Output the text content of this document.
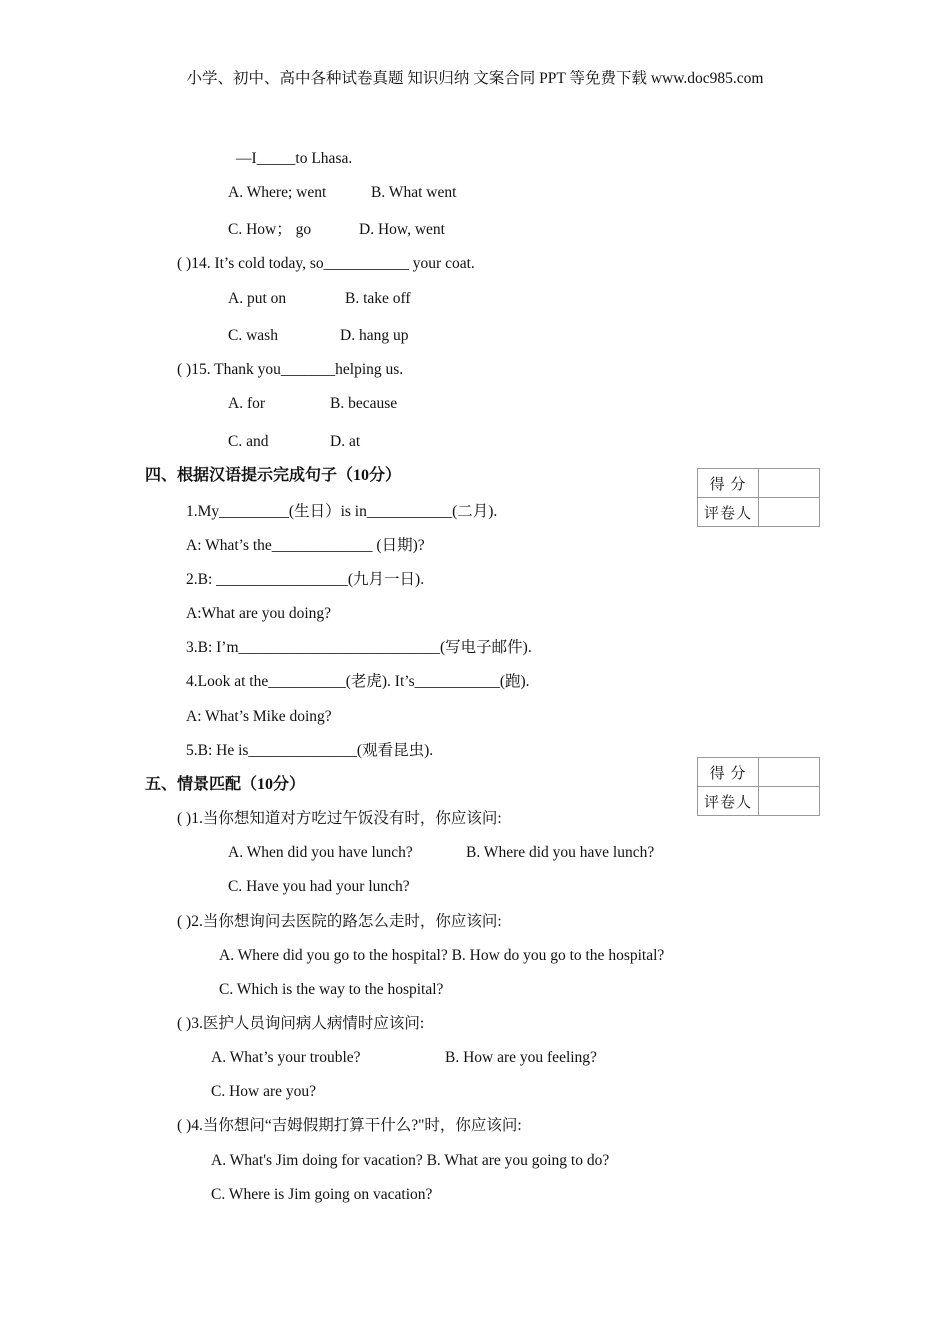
小学、初中、高中各种试卷真题 知识归纳 文案合同 PPT 等免费下载 www.doc985.com
—I_____to Lhasa.
A. Where; went	B. What went
C. How； go	D. How, went
( )14. It’s cold today, so___________ your coat.
A. put on	B. take off
C. wash	D. hang up
( )15. Thank you_______helping us.
A. for	B. because
C. and	D. at
四、根据汉语提示完成句子（10分）
得 分	
评卷人	
1.My_________(生日）is in___________(二月).
A: What’s the_____________ (日期)?
2.B: _________________(九月一日).
A:What are you doing?
3.B: I’m__________________________(写电子邮件).
4.Look at the__________(老虎). It’s___________(跑).
A: What’s Mike doing?
5.B: He is______________(观看昆虫).
五、情景匹配（10分）
得 分	
评卷人	
( )1.当你想知道对方吃过午饭没有时，你应该问:
A. When did you have lunch?	B. Where did you have lunch?
C. Have you had your lunch?
( )2.当你想询问去医院的路怎么走时，你应该问:
A. Where did you go to the hospital? B. How do you go to the hospital?
C. Which is the way to the hospital?
( )3.医护人员询问病人病情时应该问:
A. What’s your trouble?	B. How are you feeling?
C. How are you?
( )4.当你想问“吉姆假期打算干什么?"时，你应该问:
A. What's Jim doing for vacation? B. What are you going to do?
C. Where is Jim going on vacation?
